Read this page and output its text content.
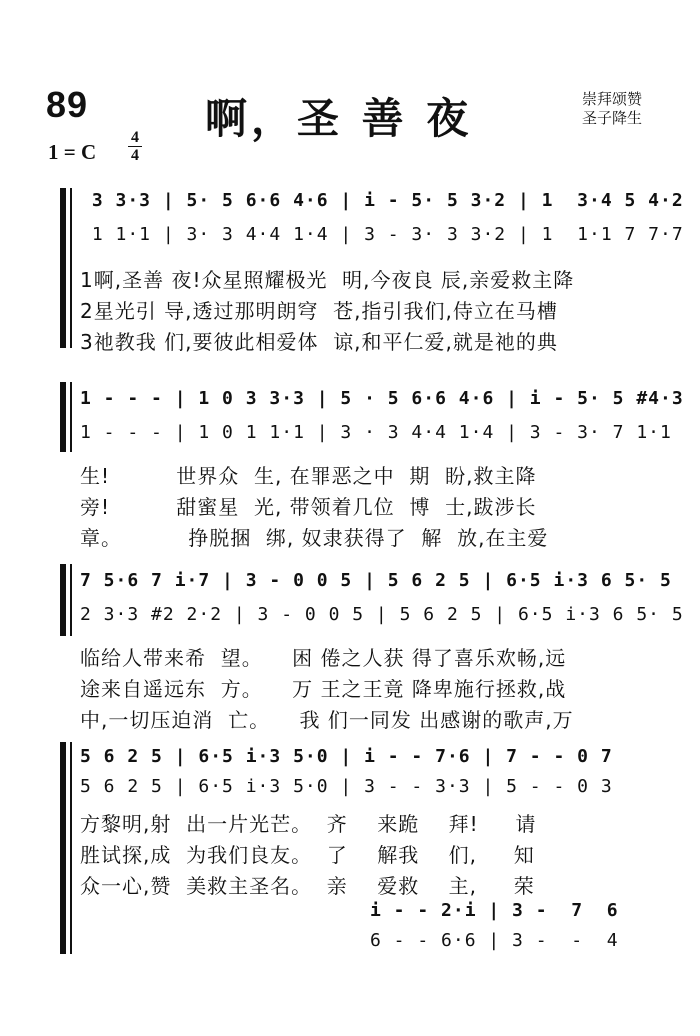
89	啊，圣 善 夜	崇拜颂赞
圣子降生
1 = C
4
4
3 3·3 | 5· 5 6·6 4·6 | i - 5· 5 3·2 | 1  3·4 5 4·2
1 1·1 | 3· 3 4·4 1·4 | 3 - 3· 3 3·2 | 1  1·1 7 7·7
1啊,圣善 夜!众星照耀极光  明,今夜良 辰,亲爱救主降
2星光引 导,透过那明朗穹  苍,指引我们,侍立在马槽
3祂教我 们,要彼此相爱体  谅,和平仁爱,就是祂的典
1 - - - | 1 0 3 3·3 | 5 · 5 6·6 4·6 | i - 5· 5 #4·3
1 - - - | 1 0 1 1·1 | 3 · 3 4·4 1·4 | 3 - 3· 7 1·1
生!         世界众  生, 在罪恶之中  期  盼,救主降
旁!         甜蜜星  光, 带领着几位  博  士,跋涉长
章。         挣脱捆  绑, 奴隶获得了  解  放,在主爱
7 5·6 7 i·7 | 3 - 0 0 5 | 5 6 2 5 | 6·5 i·3 6 5· 5
2 3·3 #2 2·2 | 3 - 0 0 5 | 5 6 2 5 | 6·5 i·3 6 5· 5
临给人带来希  望。    困 倦之人获 得了喜乐欢畅,远
途来自遥远东  方。    万 王之王竟 降卑施行拯救,战
中,一切压迫消  亡。    我 们一同发 出感谢的歌声,万
5 6 2 5 | 6·5 i·3 5·0 | i - - 7·6 | 7 - - 0 7
5 6 2 5 | 6·5 i·3 5·0 | 3 - - 3·3 | 5 - - 0 3
方黎明,射  出一片光芒。  齐    来跪    拜!     请
胜试探,成  为我们良友。  了    解我    们,     知
众一心,赞  美救主圣名。  亲    爱救    主,     荣
i - - 2·i | 3 -  7  6
6 - - 6·6 | 3 -  -  4
